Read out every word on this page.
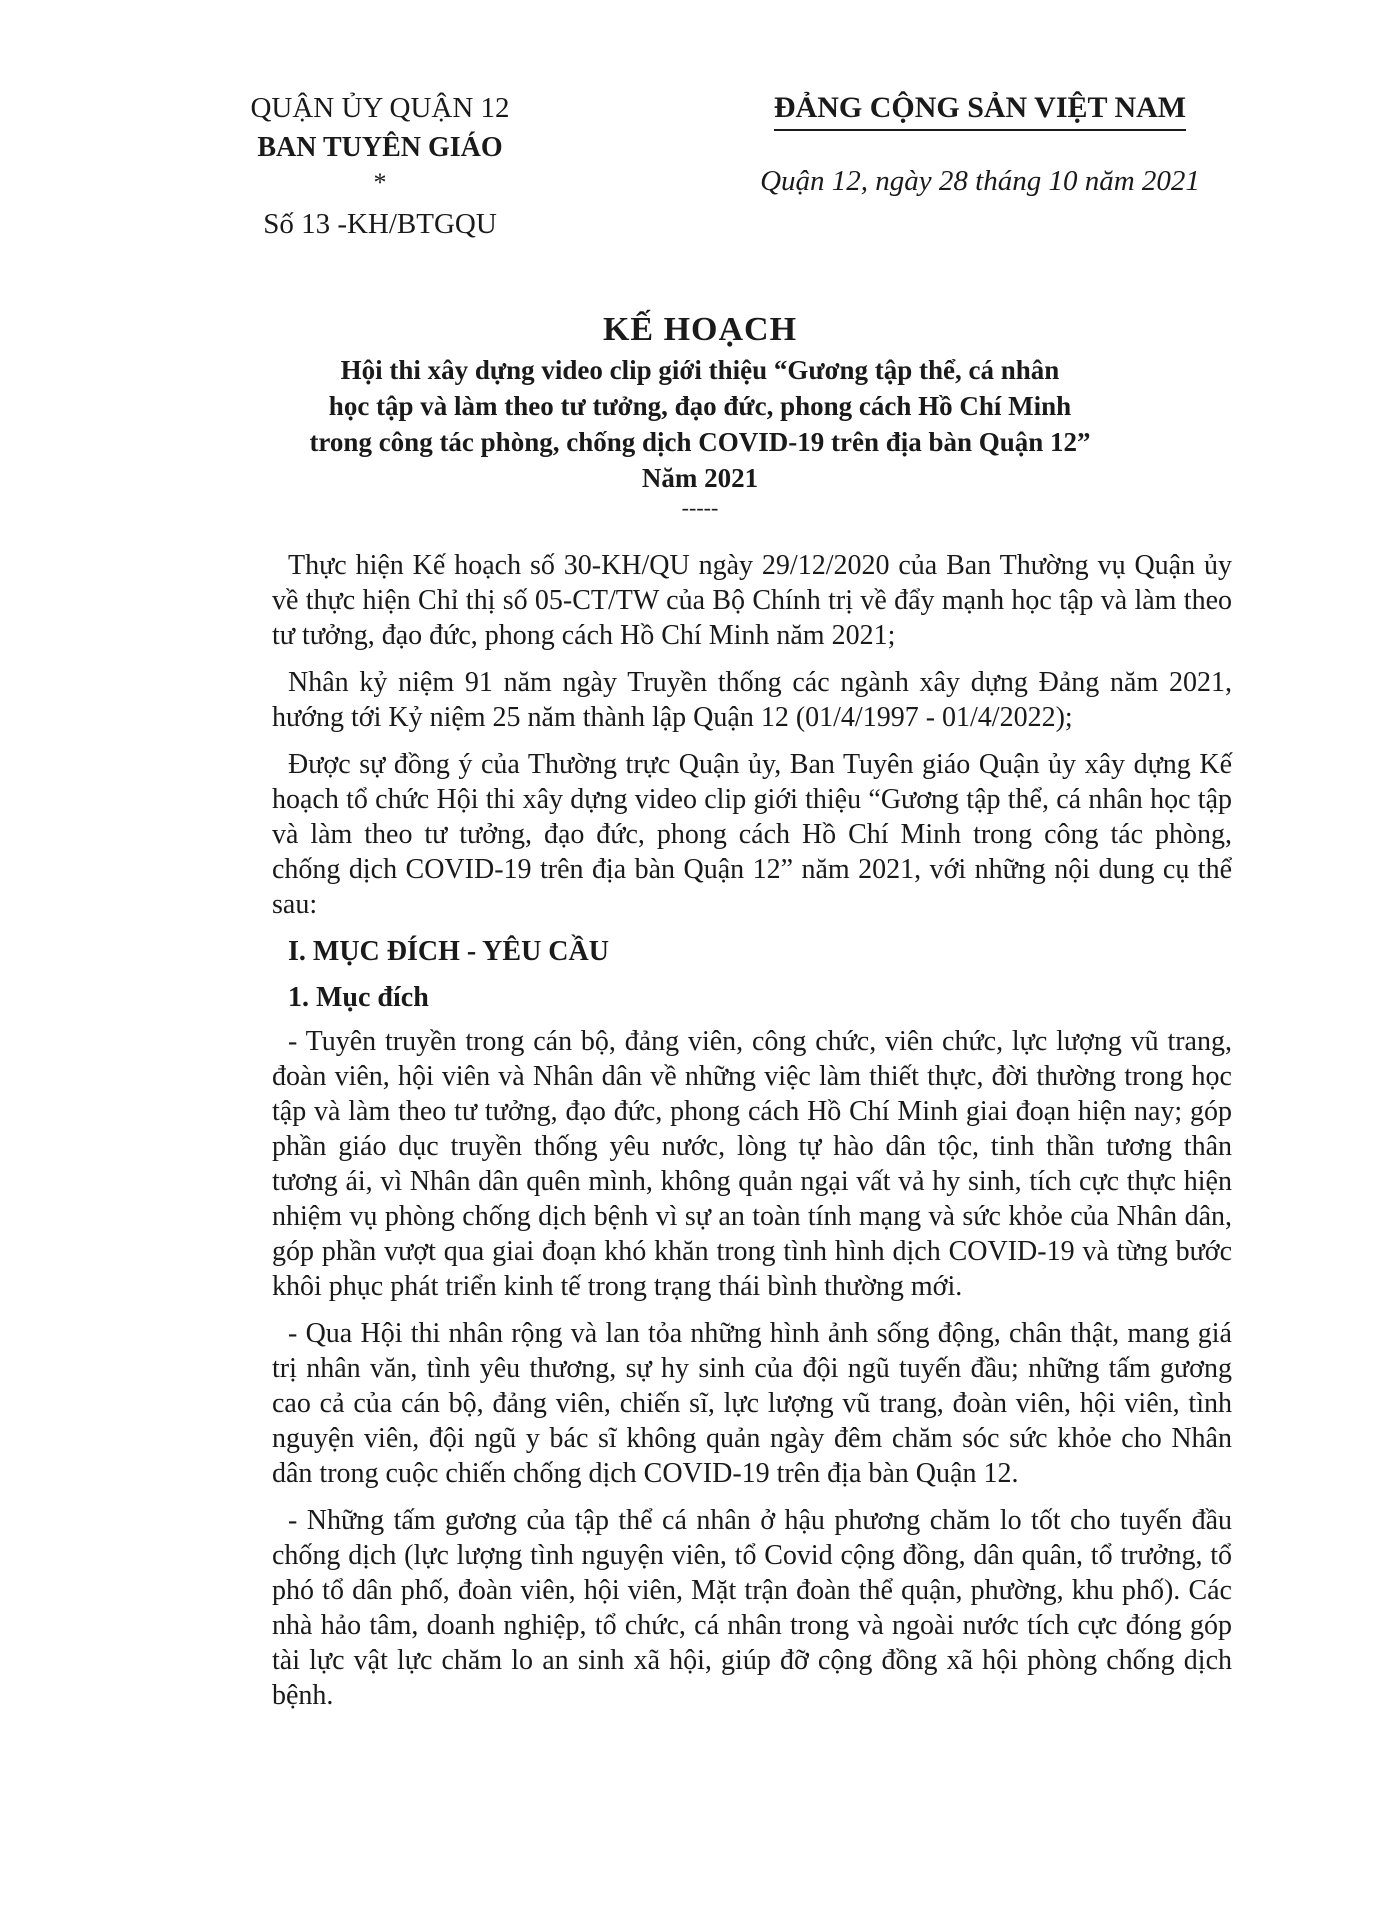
QUẬN ỦY QUẬN 12
BAN TUYÊN GIÁO
*
Số 13 -KH/BTGQU
ĐẢNG CỘNG SẢN VIỆT NAM
Quận 12, ngày 28 tháng 10 năm 2021
KẾ HOẠCH
Hội thi xây dựng video clip giới thiệu “Gương tập thể, cá nhân
học tập và làm theo tư tưởng, đạo đức, phong cách Hồ Chí Minh
trong công tác phòng, chống dịch COVID-19 trên địa bàn Quận 12”
Năm 2021
-----

Thực hiện Kế hoạch số 30-KH/QU ngày 29/12/2020 của Ban Thường vụ Quận ủy về thực hiện Chỉ thị số 05-CT/TW của Bộ Chính trị về đẩy mạnh học tập và làm theo tư tưởng, đạo đức, phong cách Hồ Chí Minh năm 2021;

Nhân kỷ niệm 91 năm ngày Truyền thống các ngành xây dựng Đảng năm 2021, hướng tới Kỷ niệm 25 năm thành lập Quận 12 (01/4/1997 - 01/4/2022);

Được sự đồng ý của Thường trực Quận ủy, Ban Tuyên giáo Quận ủy xây dựng Kế hoạch tổ chức Hội thi xây dựng video clip giới thiệu “Gương tập thể, cá nhân học tập và làm theo tư tưởng, đạo đức, phong cách Hồ Chí Minh trong công tác phòng, chống dịch COVID-19 trên địa bàn Quận 12” năm 2021, với những nội dung cụ thể sau:

I. MỤC ĐÍCH - YÊU CẦU
1. Mục đích

- Tuyên truyền trong cán bộ, đảng viên, công chức, viên chức, lực lượng vũ trang, đoàn viên, hội viên và Nhân dân về những việc làm thiết thực, đời thường trong học tập và làm theo tư tưởng, đạo đức, phong cách Hồ Chí Minh giai đoạn hiện nay; góp phần giáo dục truyền thống yêu nước, lòng tự hào dân tộc, tinh thần tương thân tương ái, vì Nhân dân quên mình, không quản ngại vất vả hy sinh, tích cực thực hiện nhiệm vụ phòng chống dịch bệnh vì sự an toàn tính mạng và sức khỏe của Nhân dân, góp phần vượt qua giai đoạn khó khăn trong tình hình dịch COVID-19 và từng bước khôi phục phát triển kinh tế trong trạng thái bình thường mới.

- Qua Hội thi nhân rộng và lan tỏa những hình ảnh sống động, chân thật, mang giá trị nhân văn, tình yêu thương, sự hy sinh của đội ngũ tuyến đầu; những tấm gương cao cả của cán bộ, đảng viên, chiến sĩ, lực lượng vũ trang, đoàn viên, hội viên, tình nguyện viên, đội ngũ y bác sĩ không quản ngày đêm chăm sóc sức khỏe cho Nhân dân trong cuộc chiến chống dịch COVID-19 trên địa bàn Quận 12.

- Những tấm gương của tập thể cá nhân ở hậu phương chăm lo tốt cho tuyến đầu chống dịch (lực lượng tình nguyện viên, tổ Covid cộng đồng, dân quân, tổ trưởng, tổ phó tổ dân phố, đoàn viên, hội viên, Mặt trận đoàn thể quận, phường, khu phố). Các nhà hảo tâm, doanh nghiệp, tổ chức, cá nhân trong và ngoài nước tích cực đóng góp tài lực vật lực chăm lo an sinh xã hội, giúp đỡ cộng đồng xã hội phòng chống dịch bệnh.
